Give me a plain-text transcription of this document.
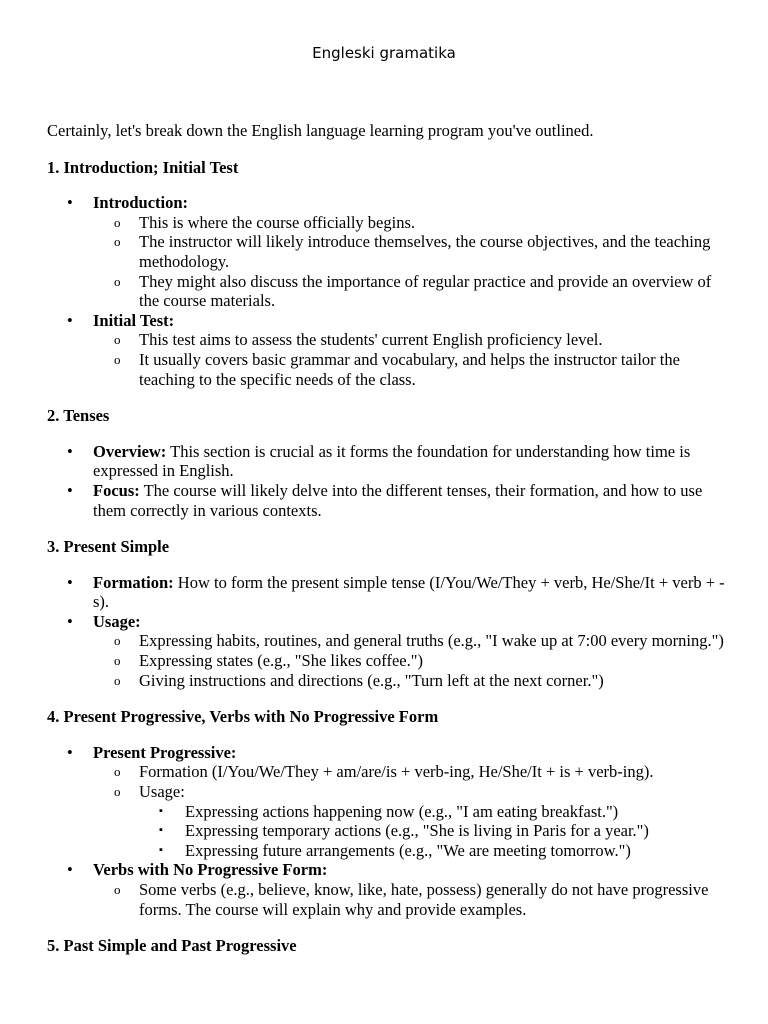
Engleski gramatika

Certainly, let's break down the English language learning program you've outlined.

1. Introduction; Initial Test
• Introduction:
o This is where the course officially begins.
o The instructor will likely introduce themselves, the course objectives, and the teaching methodology.
o They might also discuss the importance of regular practice and provide an overview of the course materials.
• Initial Test:
o This test aims to assess the students' current English proficiency level.
o It usually covers basic grammar and vocabulary, and helps the instructor tailor the teaching to the specific needs of the class.
2. Tenses
• Overview: This section is crucial as it forms the foundation for understanding how time is expressed in English.
• Focus: The course will likely delve into the different tenses, their formation, and how to use them correctly in various contexts.
3. Present Simple
• Formation: How to form the present simple tense (I/You/We/They + verb, He/She/It + verb + -s).
• Usage:
o Expressing habits, routines, and general truths (e.g., "I wake up at 7:00 every morning.")
o Expressing states (e.g., "She likes coffee.")
o Giving instructions and directions (e.g., "Turn left at the next corner.")
4. Present Progressive, Verbs with No Progressive Form
• Present Progressive:
o Formation (I/You/We/They + am/are/is + verb-ing, He/She/It + is + verb-ing).
o Usage:
▪ Expressing actions happening now (e.g., "I am eating breakfast.")
▪ Expressing temporary actions (e.g., "She is living in Paris for a year.")
▪ Expressing future arrangements (e.g., "We are meeting tomorrow.")
• Verbs with No Progressive Form:
o Some verbs (e.g., believe, know, like, hate, possess) generally do not have progressive forms. The course will explain why and provide examples.
5. Past Simple and Past Progressive
